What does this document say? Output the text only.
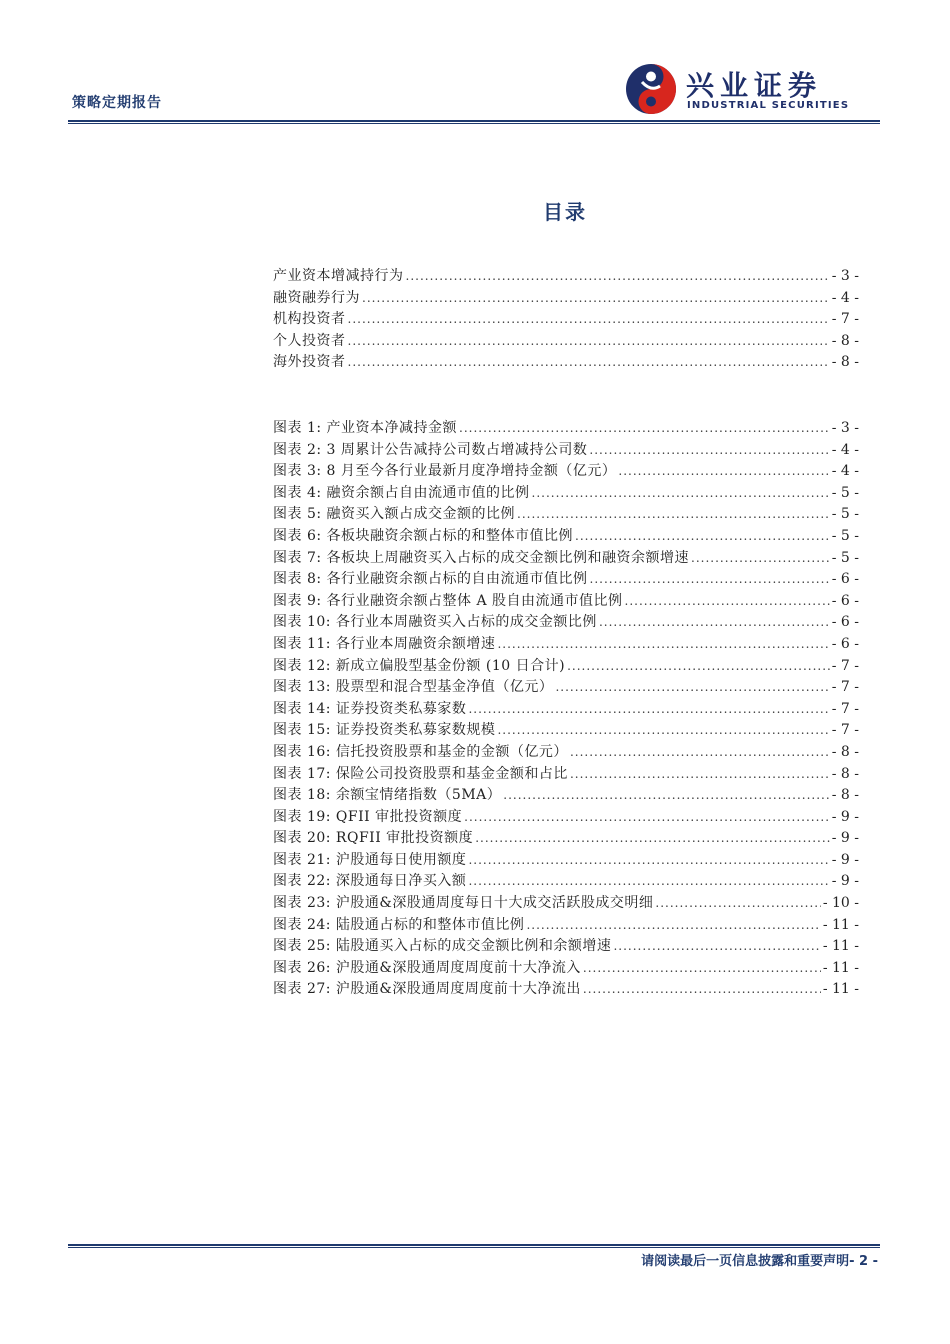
策略定期报告
兴业证券
INDUSTRIAL SECURITIES
目录
产业资本增减持行为 .....	- 3 -
融资融券行为 .....	- 4 -
机构投资者 .....	- 7 -
个人投资者 .....	- 8 -
海外投资者 .....	- 8 -
图表 1: 产业资本净减持金额 .....	- 3 -
图表 2: 3 周累计公告减持公司数占增减持公司数 .....	- 4 -
图表 3: 8 月至今各行业最新月度净增持金额（亿元） .....	- 4 -
图表 4: 融资余额占自由流通市值的比例 .....	- 5 -
图表 5: 融资买入额占成交金额的比例 .....	- 5 -
图表 6: 各板块融资余额占标的和整体市值比例 .....	- 5 -
图表 7: 各板块上周融资买入占标的成交金额比例和融资余额增速 .....	- 5 -
图表 8: 各行业融资余额占标的自由流通市值比例 .....	- 6 -
图表 9: 各行业融资余额占整体 A 股自由流通市值比例 .....	- 6 -
图表 10: 各行业本周融资买入占标的成交金额比例 .....	- 6 -
图表 11: 各行业本周融资余额增速 .....	- 6 -
图表 12: 新成立偏股型基金份额 (10 日合计) .....	- 7 -
图表 13: 股票型和混合型基金净值（亿元） .....	- 7 -
图表 14: 证券投资类私募家数 .....	- 7 -
图表 15: 证券投资类私募家数规模 .....	- 7 -
图表 16: 信托投资股票和基金的金额（亿元） .....	- 8 -
图表 17: 保险公司投资股票和基金金额和占比 .....	- 8 -
图表 18: 余额宝情绪指数（5MA） .....	- 8 -
图表 19: QFII 审批投资额度 .....	- 9 -
图表 20: RQFII 审批投资额度 .....	- 9 -
图表 21: 沪股通每日使用额度 .....	- 9 -
图表 22: 深股通每日净买入额 .....	- 9 -
图表 23: 沪股通&深股通周度每日十大成交活跃股成交明细 .....	- 10 -
图表 24: 陆股通占标的和整体市值比例 .....	- 11 -
图表 25: 陆股通买入占标的成交金额比例和余额增速 .....	- 11 -
图表 26: 沪股通&深股通周度周度前十大净流入 .....	- 11 -
图表 27: 沪股通&深股通周度周度前十大净流出 .....	- 11 -
请阅读最后一页信息披露和重要声明- 2 -
